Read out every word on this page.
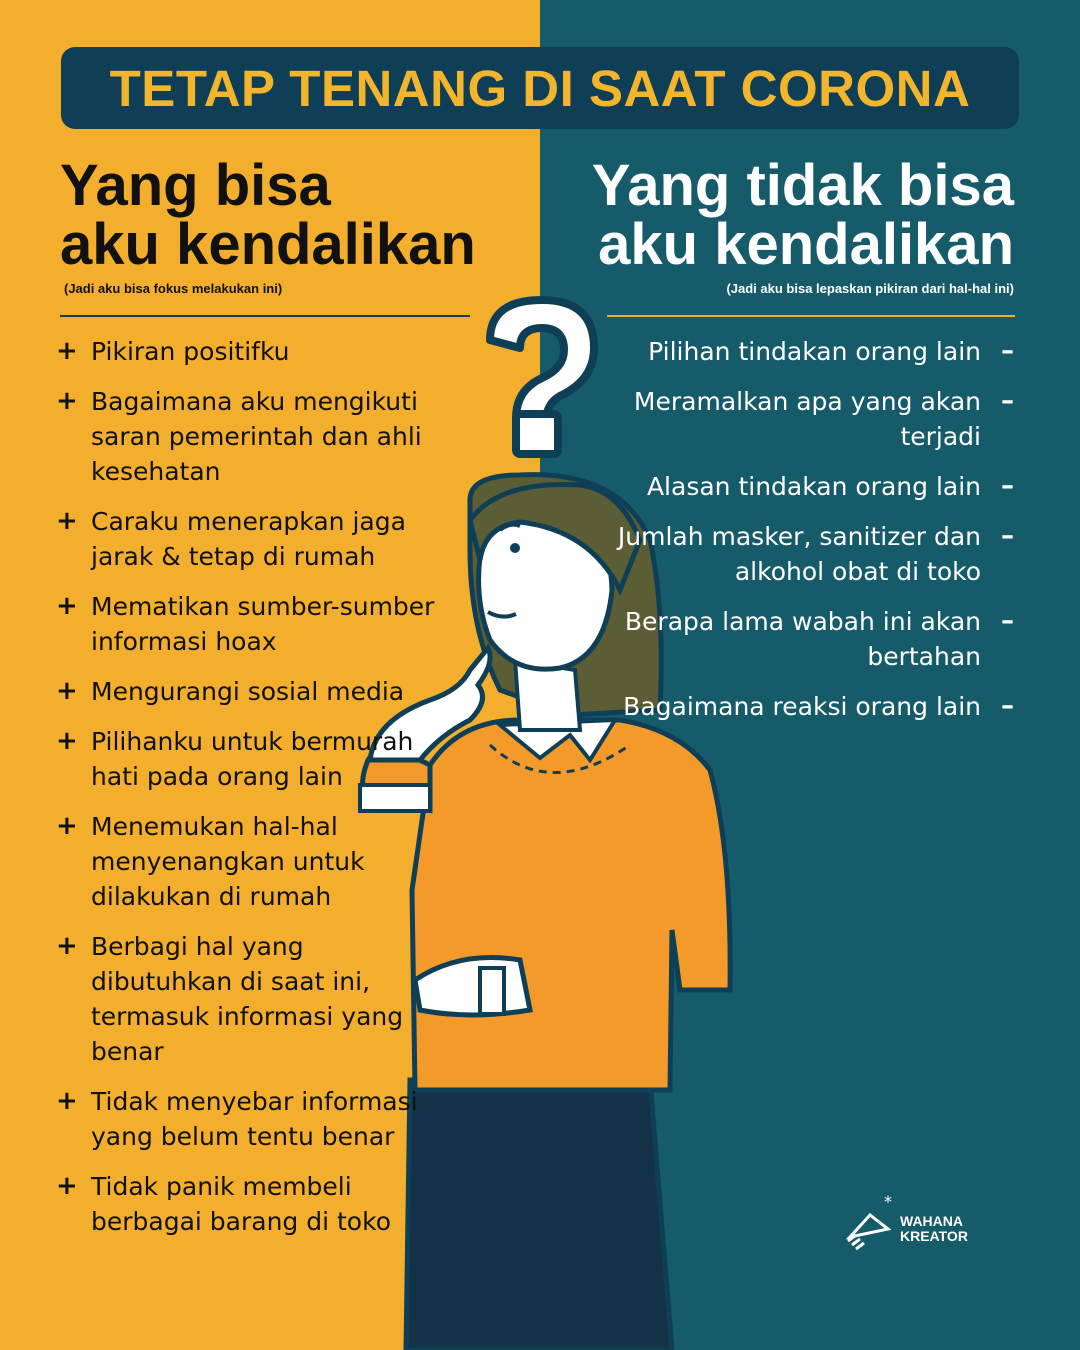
TETAP TENANG DI SAAT CORONA
Yang bisa
aku kendalikan
(Jadi aku bisa fokus melakukan ini)
Yang tidak bisa
aku kendalikan
(Jadi aku bisa lepaskan pikiran dari hal-hal ini)
+ Pikiran positifku
+ Bagaimana aku mengikuti saran pemerintah dan ahli kesehatan
+ Caraku menerapkan jaga jarak & tetap di rumah
+ Mematikan sumber-sumber informasi hoax
+ Mengurangi sosial media
+ Pilihanku untuk bermurah hati pada orang lain
+ Menemukan hal-hal menyenangkan untuk dilakukan di rumah
+ Berbagi hal yang dibutuhkan di saat ini, termasuk informasi yang benar
+ Tidak menyebar informasi yang belum tentu benar
+ Tidak panik membeli berbagai barang di toko
Pilihan tindakan orang lain –
Meramalkan apa yang akan terjadi
–
Alasan tindakan orang lain –
Jumlah masker, sanitizer dan alkohol obat di toko
–
Berapa lama wabah ini akan bertahan
–
Bagaimana reaksi orang lain –
*
WAHANA
KREATOR
